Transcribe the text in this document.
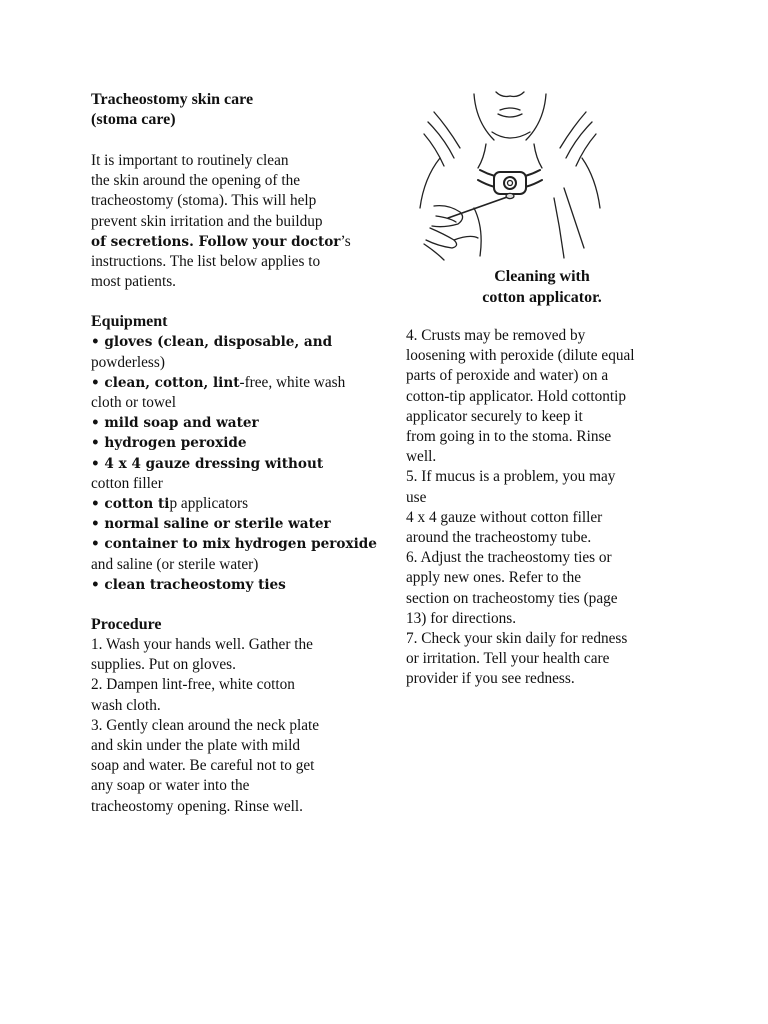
Tracheostomy skin care

(stoma care)

It is important to routinely clean
the skin around the opening of the
tracheostomy (stoma). This will help
prevent skin irritation and the buildup
of secretions. Follow your doctor’s
instructions. The list below applies to
most patients.

Equipment

• gloves (clean, disposable, and
powderless)
• clean, cotton, lint-free, white wash
cloth or towel
• mild soap and water
• hydrogen peroxide
• 4 x 4 gauze dressing without
cotton filler
• cotton tip applicators
• normal saline or sterile water
• container to mix hydrogen peroxide
and saline (or sterile water)
• clean tracheostomy ties

Procedure

1. Wash your hands well. Gather the
supplies. Put on gloves.
2. Dampen lint-free, white cotton
wash cloth.
3. Gently clean around the neck plate
and skin under the plate with mild
soap and water. Be careful not to get
any soap or water into the
tracheostomy opening. Rinse well.
Cleaning with
cotton applicator.
4. Crusts may be removed by
loosening with peroxide (dilute equal
parts of peroxide and water) on a
cotton-tip applicator. Hold cottontip
applicator securely to keep it
from going in to the stoma. Rinse
well.
5. If mucus is a problem, you may
use
4 x 4 gauze without cotton filler
around the tracheostomy tube.
6. Adjust the tracheostomy ties or
apply new ones. Refer to the
section on tracheostomy ties (page
13) for directions.
7. Check your skin daily for redness
or irritation. Tell your health care
provider if you see redness.
